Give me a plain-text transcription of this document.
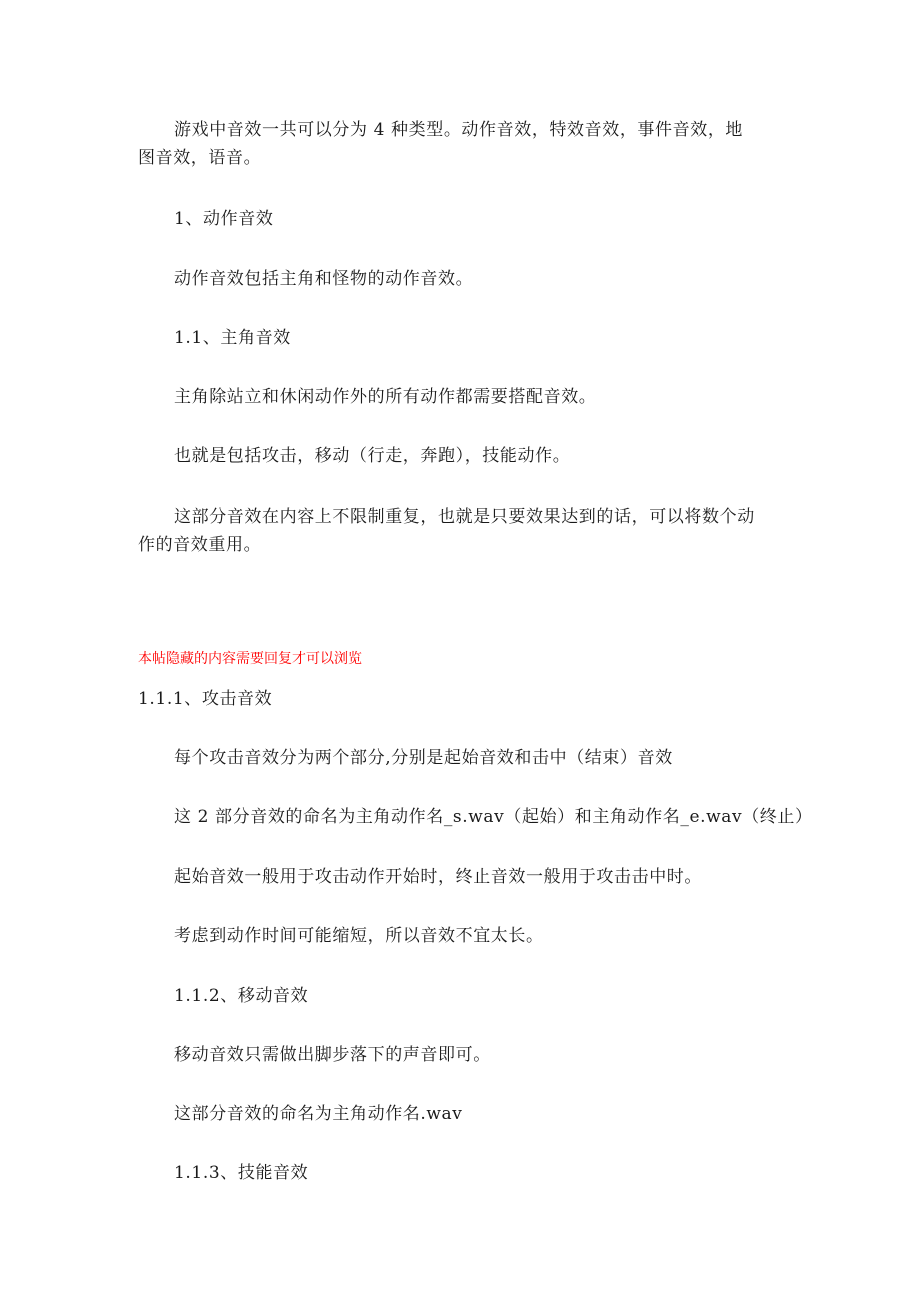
游戏中音效一共可以分为 4 种类型。动作音效，特效音效，事件音效，地图音效，语音。
1、动作音效
动作音效包括主角和怪物的动作音效。
1.1、主角音效
主角除站立和休闲动作外的所有动作都需要搭配音效。
也就是包括攻击，移动（行走，奔跑），技能动作。
这部分音效在内容上不限制重复，也就是只要效果达到的话，可以将数个动作的音效重用。
本帖隐藏的内容需要回复才可以浏览
1.1.1、攻击音效
每个攻击音效分为两个部分,分别是起始音效和击中（结束）音效
这 2 部分音效的命名为主角动作名_s.wav（起始）和主角动作名_e.wav（终止）
起始音效一般用于攻击动作开始时，终止音效一般用于攻击击中时。
考虑到动作时间可能缩短，所以音效不宜太长。
1.1.2、移动音效
移动音效只需做出脚步落下的声音即可。
这部分音效的命名为主角动作名.wav
1.1.3、技能音效
